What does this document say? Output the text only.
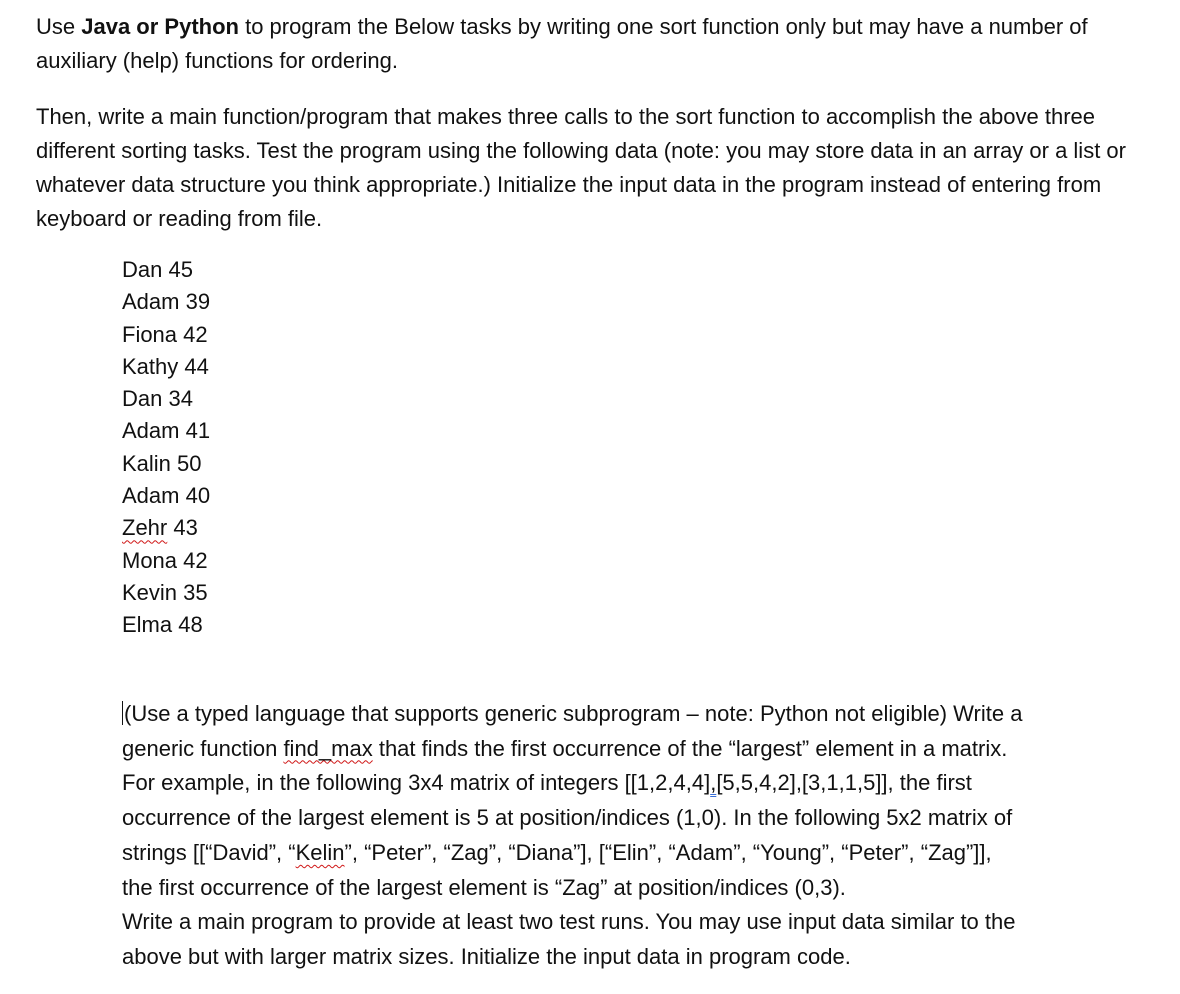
Use Java or Python to program the Below tasks by writing one sort function only but may have a number of auxiliary (help) functions for ordering.

Then, write a main function/program that makes three calls to the sort function to accomplish the above three different sorting tasks. Test the program using the following data (note: you may store data in an array or a list or whatever data structure you think appropriate.) Initialize the input data in the program instead of entering from keyboard or reading from file.

Dan 45
Adam 39
Fiona 42
Kathy 44
Dan 34
Adam 41
Kalin 50
Adam 40
Zehr 43
Mona 42
Kevin 35
Elma 48
(Use a typed language that supports generic subprogram – note: Python not eligible) Write a
generic function find_max that finds the first occurrence of the “largest” element in a matrix.
For example, in the following 3x4 matrix of integers [[1,2,4,4],[5,5,4,2],[3,1,1,5]], the first
occurrence of the largest element is 5 at position/indices (1,0). In the following 5x2 matrix of
strings [[“David”, “Kelin”, “Peter”, “Zag”, “Diana”], [“Elin”, “Adam”, “Young”, “Peter”, “Zag”]],
the first occurrence of the largest element is “Zag” at position/indices (0,3).
Write a main program to provide at least two test runs. You may use input data similar to the
above but with larger matrix sizes. Initialize the input data in program code.
